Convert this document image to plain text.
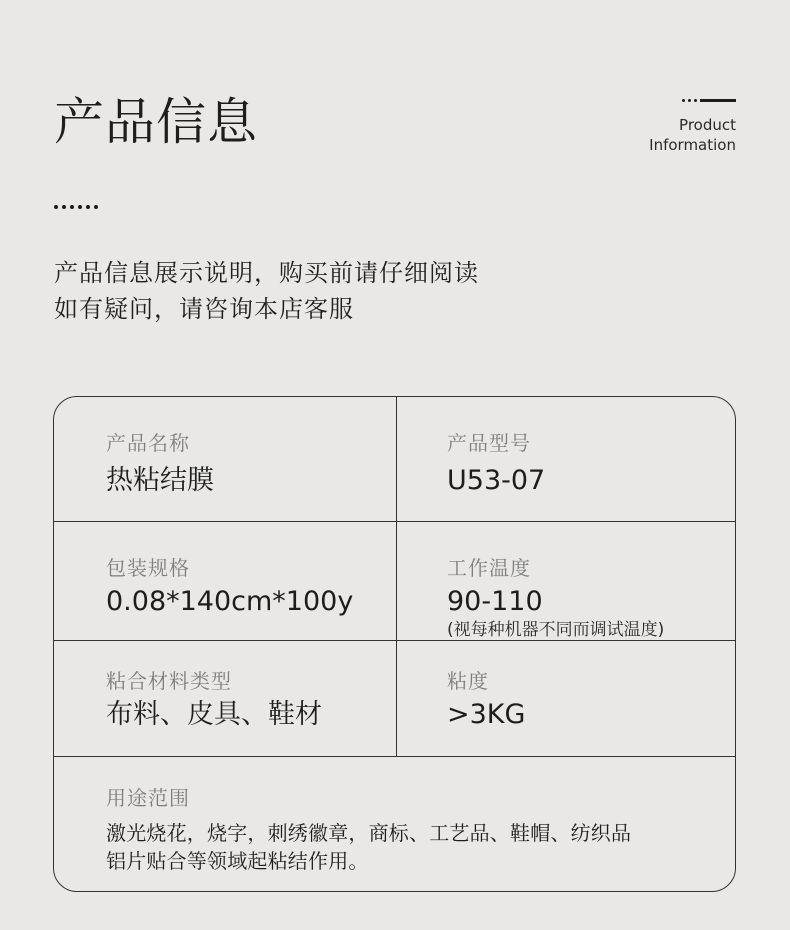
产品信息	Product
Information
产品信息展示说明，购买前请仔细阅读
如有疑问，请咨询本店客服
产品名称
热粘结膜
产品型号
U53-07
包装规格
0.08*140cm*100y
工作温度
90-110
(视每种机器不同而调试温度)
粘合材料类型
布料、皮具、鞋材
粘度
>3KG
用途范围
激光烧花，烧字，刺绣徽章，商标、工艺品、鞋帽、纺织品
铝片贴合等领域起粘结作用。
